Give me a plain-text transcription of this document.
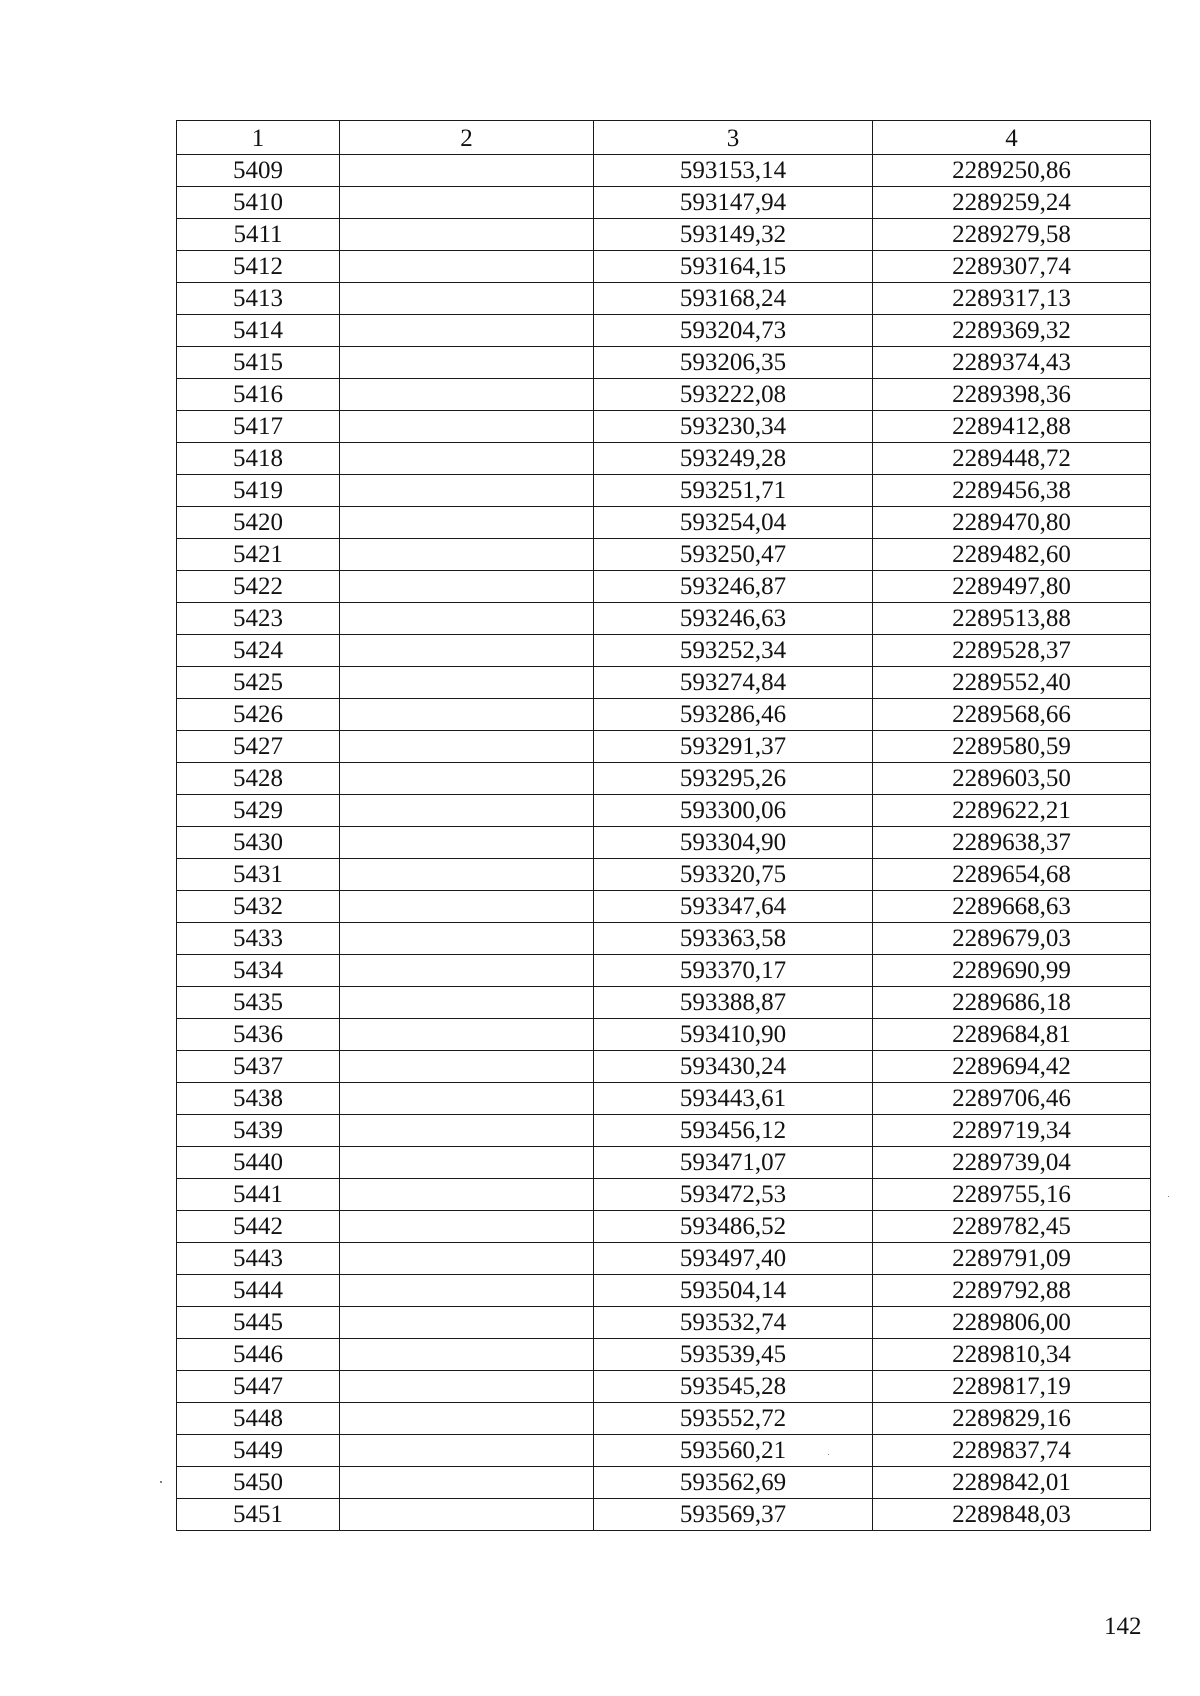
1	2	3	4
5409		593153,14	2289250,86
5410		593147,94	2289259,24
5411		593149,32	2289279,58
5412		593164,15	2289307,74
5413		593168,24	2289317,13
5414		593204,73	2289369,32
5415		593206,35	2289374,43
5416		593222,08	2289398,36
5417		593230,34	2289412,88
5418		593249,28	2289448,72
5419		593251,71	2289456,38
5420		593254,04	2289470,80
5421		593250,47	2289482,60
5422		593246,87	2289497,80
5423		593246,63	2289513,88
5424		593252,34	2289528,37
5425		593274,84	2289552,40
5426		593286,46	2289568,66
5427		593291,37	2289580,59
5428		593295,26	2289603,50
5429		593300,06	2289622,21
5430		593304,90	2289638,37
5431		593320,75	2289654,68
5432		593347,64	2289668,63
5433		593363,58	2289679,03
5434		593370,17	2289690,99
5435		593388,87	2289686,18
5436		593410,90	2289684,81
5437		593430,24	2289694,42
5438		593443,61	2289706,46
5439		593456,12	2289719,34
5440		593471,07	2289739,04
5441		593472,53	2289755,16
5442		593486,52	2289782,45
5443		593497,40	2289791,09
5444		593504,14	2289792,88
5445		593532,74	2289806,00
5446		593539,45	2289810,34
5447		593545,28	2289817,19
5448		593552,72	2289829,16
5449		593560,21	2289837,74
5450		593562,69	2289842,01
5451		593569,37	2289848,03
142
